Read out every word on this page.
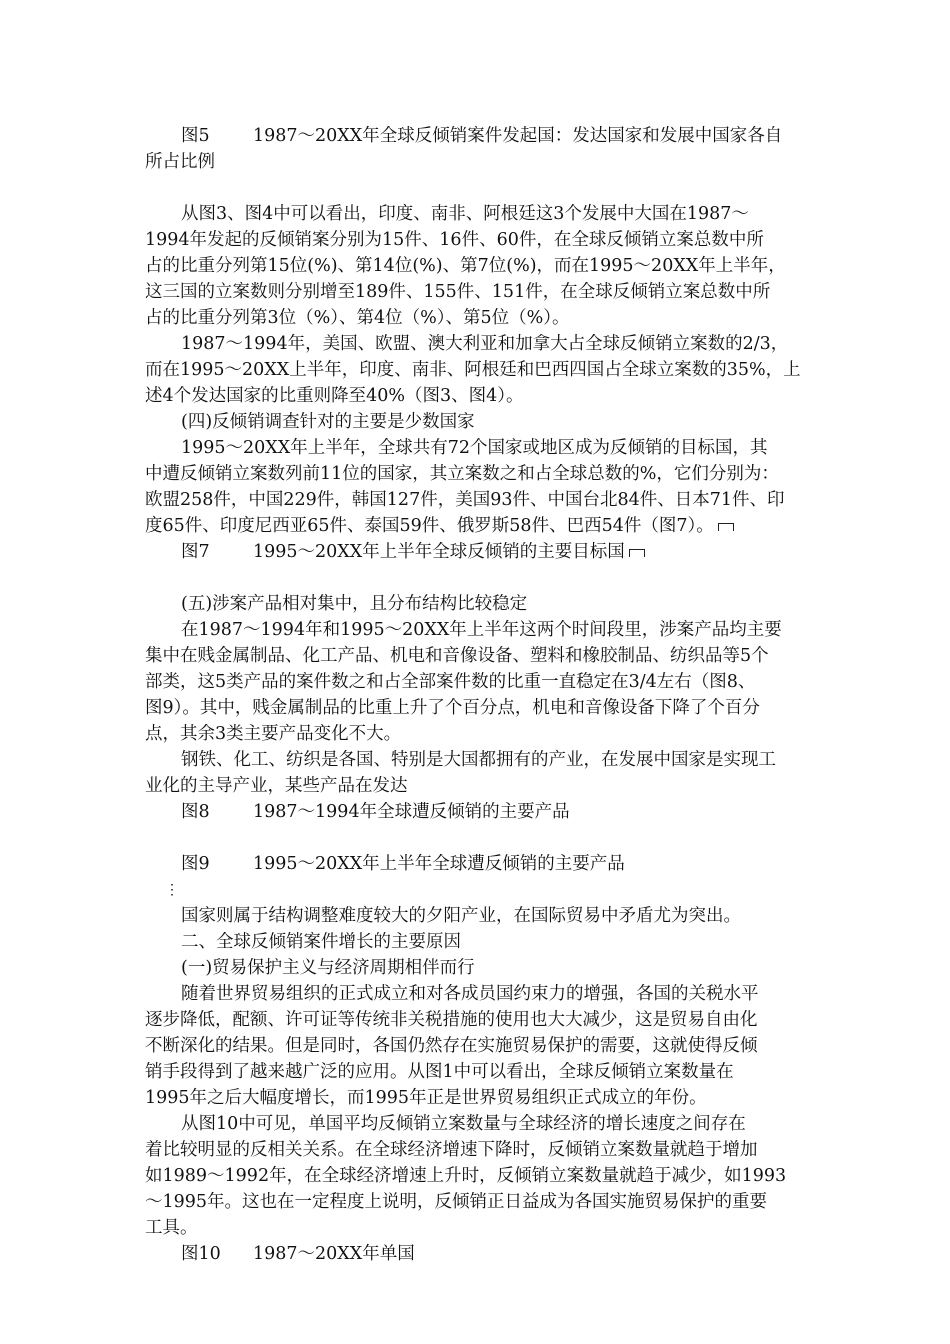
图5 1987～20XX年全球反倾销案件发起国：发达国家和发展中国家各自
所占比例
从图3、图4中可以看出，印度、南非、阿根廷这3个发展中大国在1987～
1994年发起的反倾销案分别为15件、16件、60件，在全球反倾销立案总数中所
占的比重分列第15位(%)、第14位(%)、第7位(%)，而在1995～20XX年上半年，
这三国的立案数则分别增至189件、155件、151件，在全球反倾销立案总数中所
占的比重分列第3位（%）、第4位（%）、第5位（%）。
1987～1994年，美国、欧盟、澳大利亚和加拿大占全球反倾销立案数的2/3，
而在1995～20XX上半年，印度、南非、阿根廷和巴西四国占全球立案数的35%，上
述4个发达国家的比重则降至40%（图3、图4）。
(四)反倾销调查针对的主要是少数国家
1995～20XX年上半年，全球共有72个国家或地区成为反倾销的目标国，其
中遭反倾销立案数列前11位的国家，其立案数之和占全球总数的%，它们分别为：
欧盟258件，中国229件，韩国127件，美国93件、中国台北84件、日本71件、印
度65件、印度尼西亚65件、泰国59件、俄罗斯58件、巴西54件（图7）。
图7 1995～20XX年上半年全球反倾销的主要目标国
(五)涉案产品相对集中，且分布结构比较稳定
在1987～1994年和1995～20XX年上半年这两个时间段里，涉案产品均主要
集中在贱金属制品、化工产品、机电和音像设备、塑料和橡胶制品、纺织品等5个
部类，这5类产品的案件数之和占全部案件数的比重一直稳定在3/4左右（图8、
图9）。其中，贱金属制品的比重上升了个百分点，机电和音像设备下降了个百分
点，其余3类主要产品变化不大。
钢铁、化工、纺织是各国、特别是大国都拥有的产业，在发展中国家是实现工
业化的主导产业，某些产品在发达
图8 1987～1994年全球遭反倾销的主要产品
图9 1995～20XX年上半年全球遭反倾销的主要产品
⋮
国家则属于结构调整难度较大的夕阳产业，在国际贸易中矛盾尤为突出。
二、全球反倾销案件增长的主要原因
(一)贸易保护主义与经济周期相伴而行
随着世界贸易组织的正式成立和对各成员国约束力的增强，各国的关税水平
逐步降低，配额、许可证等传统非关税措施的使用也大大减少，这是贸易自由化
不断深化的结果。但是同时，各国仍然存在实施贸易保护的需要，这就使得反倾
销手段得到了越来越广泛的应用。从图1中可以看出，全球反倾销立案数量在
1995年之后大幅度增长，而1995年正是世界贸易组织正式成立的年份。
从图10中可见，单国平均反倾销立案数量与全球经济的增长速度之间存在
着比较明显的反相关关系。在全球经济增速下降时，反倾销立案数量就趋于增加
如1989～1992年，在全球经济增速上升时，反倾销立案数量就趋于减少，如1993
～1995年。这也在一定程度上说明，反倾销正日益成为各国实施贸易保护的重要
工具。
图10 1987～20XX年单国
